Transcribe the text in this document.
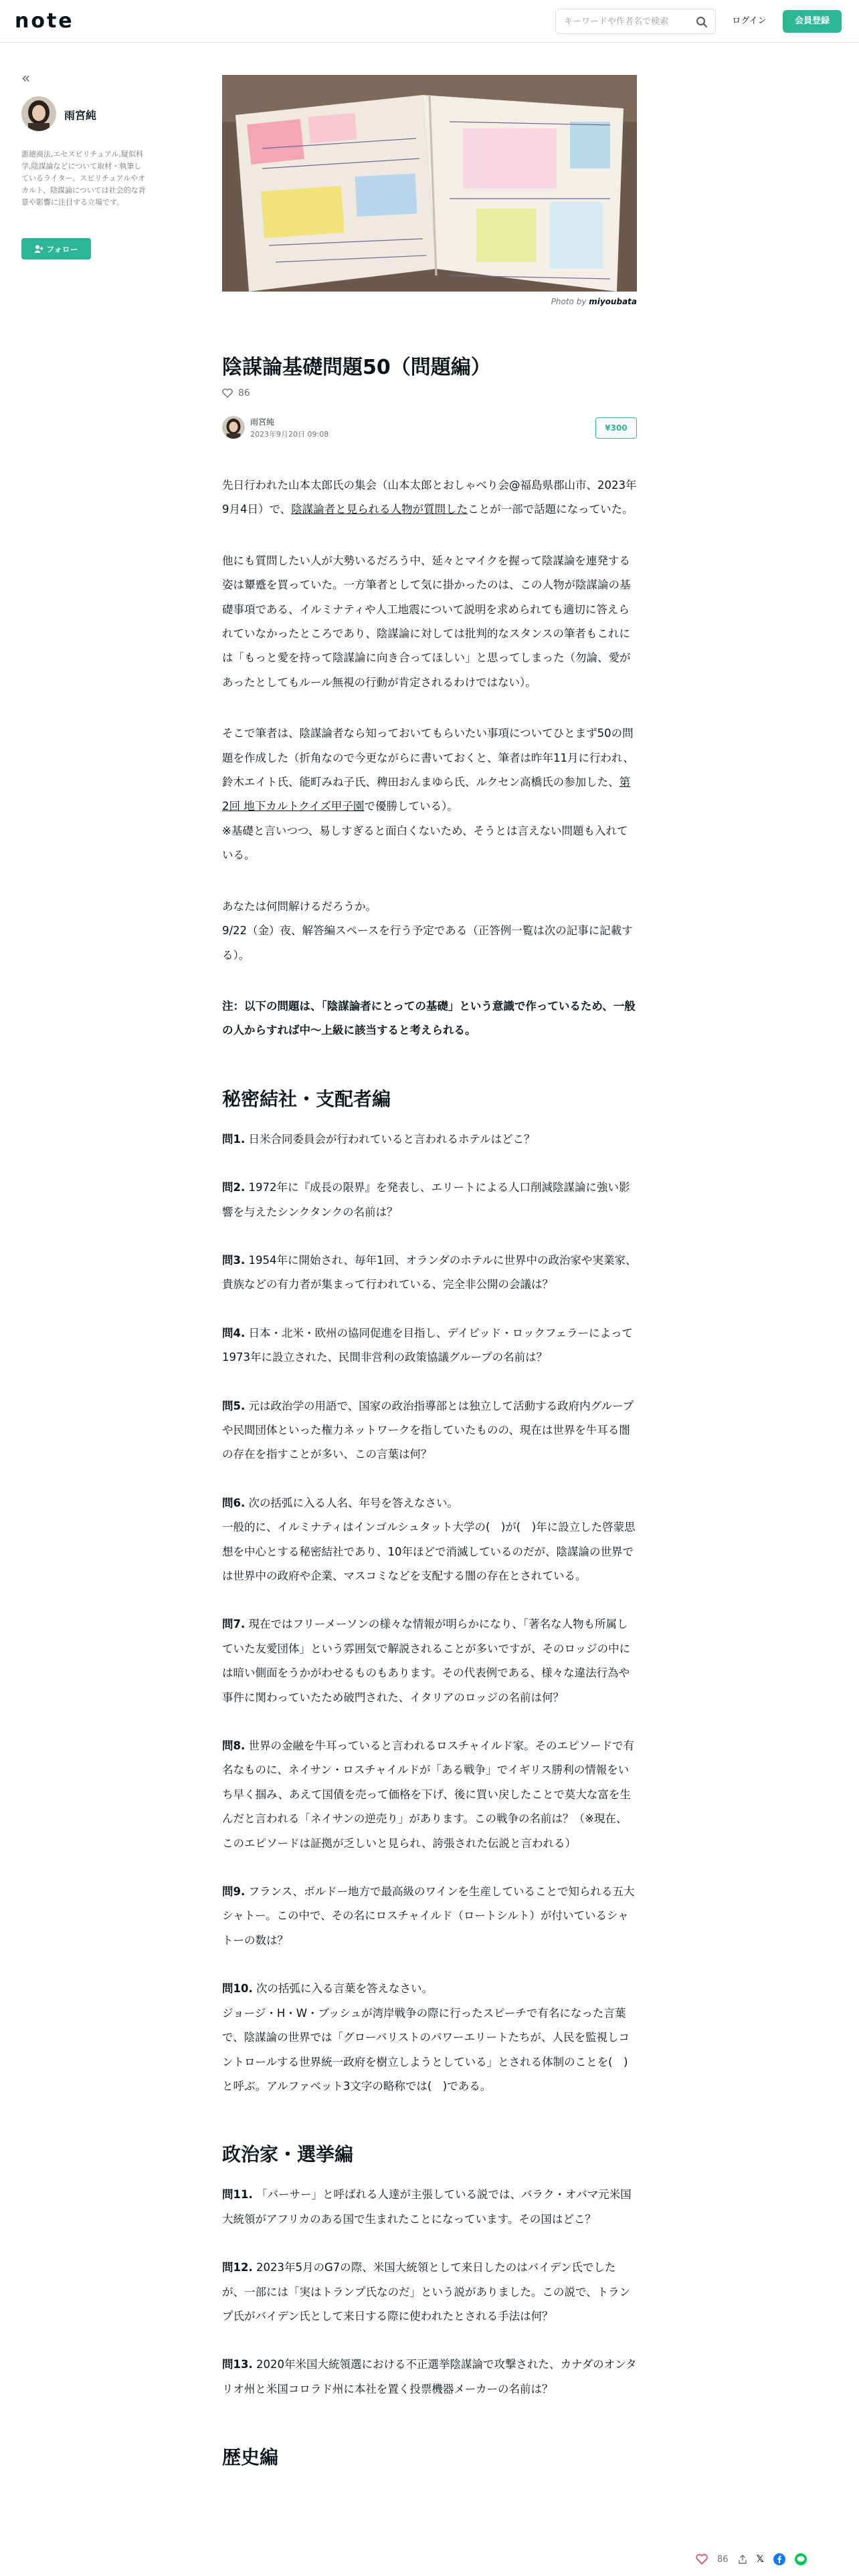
note
キーワードや作者名で検索	ログイン	会員登録
«
雨宮純
悪徳商法,エセスピリチュアル,疑似科学,陰謀論などについて取材・執筆しているライター。スピリチュアルやオカルト、陰謀論については社会的な背景や影響に注目する立場です。
フォロー
Photo by miyoubata
陰謀論基礎問題50（問題編）
86
雨宮純
2023年9月20日 09:08
¥300

先日行われた山本太郎氏の集会（山本太郎とおしゃべり会@福島県郡山市、2023年9月4日）で、陰謀論者と見られる人物が質問したことが一部で話題になっていた。

他にも質問したい人が大勢いるだろう中、延々とマイクを握って陰謀論を連発する姿は顰蹙を買っていた。一方筆者として気に掛かったのは、この人物が陰謀論の基礎事項である、イルミナティや人工地震について説明を求められても適切に答えられていなかったところであり、陰謀論に対しては批判的なスタンスの筆者もこれには「もっと愛を持って陰謀論に向き合ってほしい」と思ってしまった（勿論、愛があったとしてもルール無視の行動が肯定されるわけではない）。

そこで筆者は、陰謀論者なら知っておいてもらいたい事項についてひとまず50の問題を作成した（折角なので今更ながらに書いておくと、筆者は昨年11月に行われ、鈴木エイト氏、能町みね子氏、稗田おんまゆら氏、ルクセン高橋氏の参加した、第2回 地下カルトクイズ甲子園で優勝している）。

※基礎と言いつつ、易しすぎると面白くないため、そうとは言えない問題も入れている。

あなたは何問解けるだろうか。

9/22（金）夜、解答編スペースを行う予定である（正答例一覧は次の記事に記載する）。

注：以下の問題は、「陰謀論者にとっての基礎」という意識で作っているため、一般の人からすれば中〜上級に該当すると考えられる。

秘密結社・支配者編

問1. 日米合同委員会が行われていると言われるホテルはどこ？

問2. 1972年に『成長の限界』を発表し、エリートによる人口削減陰謀論に強い影響を与えたシンクタンクの名前は？

問3. 1954年に開始され、毎年1回、オランダのホテルに世界中の政治家や実業家、貴族などの有力者が集まって行われている、完全非公開の会議は？

問4. 日本・北米・欧州の協同促進を目指し、デイビッド・ロックフェラーによって1973年に設立された、民間非営利の政策協議グループの名前は？

問5. 元は政治学の用語で、国家の政治指導部とは独立して活動する政府内グループや民間団体といった権力ネットワークを指していたものの、現在は世界を牛耳る闇の存在を指すことが多い、この言葉は何？

問6. 次の括弧に入る人名、年号を答えなさい。
一般的に、イルミナティはインゴルシュタット大学の(　)が(　)年に設立した啓蒙思想を中心とする秘密結社であり、10年ほどで消滅しているのだが、陰謀論の世界では世界中の政府や企業、マスコミなどを支配する闇の存在とされている。

問7. 現在ではフリーメーソンの様々な情報が明らかになり、「著名な人物も所属していた友愛団体」という雰囲気で解説されることが多いですが、そのロッジの中には暗い側面をうかがわせるものもあります。その代表例である、様々な違法行為や事件に関わっていたため破門された、イタリアのロッジの名前は何？

問8. 世界の金融を牛耳っていると言われるロスチャイルド家。そのエピソードで有名なものに、ネイサン・ロスチャイルドが「ある戦争」でイギリス勝利の情報をいち早く掴み、あえて国債を売って価格を下げ、後に買い戻したことで莫大な富を生んだと言われる「ネイサンの逆売り」があります。この戦争の名前は？（※現在、このエピソードは証拠が乏しいと見られ、誇張された伝説と言われる）

問9. フランス、ボルドー地方で最高級のワインを生産していることで知られる五大シャトー。この中で、その名にロスチャイルド（ロートシルト）が付いているシャトーの数は？

問10. 次の括弧に入る言葉を答えなさい。
ジョージ・H・W・ブッシュが湾岸戦争の際に行ったスピーチで有名になった言葉で、陰謀論の世界では「グローバリストのパワーエリートたちが、人民を監視しコントロールする世界統一政府を樹立しようとしている」とされる体制のことを(　)と呼ぶ。アルファベット3文字の略称では(　)である。

政治家・選挙編

問11. 「バーサー」と呼ばれる人達が主張している説では、バラク・オバマ元米国大統領がアフリカのある国で生まれたことになっています。その国はどこ？

問12. 2023年5月のG7の際、米国大統領として来日したのはバイデン氏でしたが、一部には「実はトランプ氏なのだ」という説がありました。この説で、トランプ氏がバイデン氏として来日する際に使われたとされる手法は何？

問13. 2020年米国大統領選における不正選挙陰謀論で攻撃された、カナダのオンタリオ州と米国コロラド州に本社を置く投票機器メーカーの名前は？

歴史編
86	𝕏
